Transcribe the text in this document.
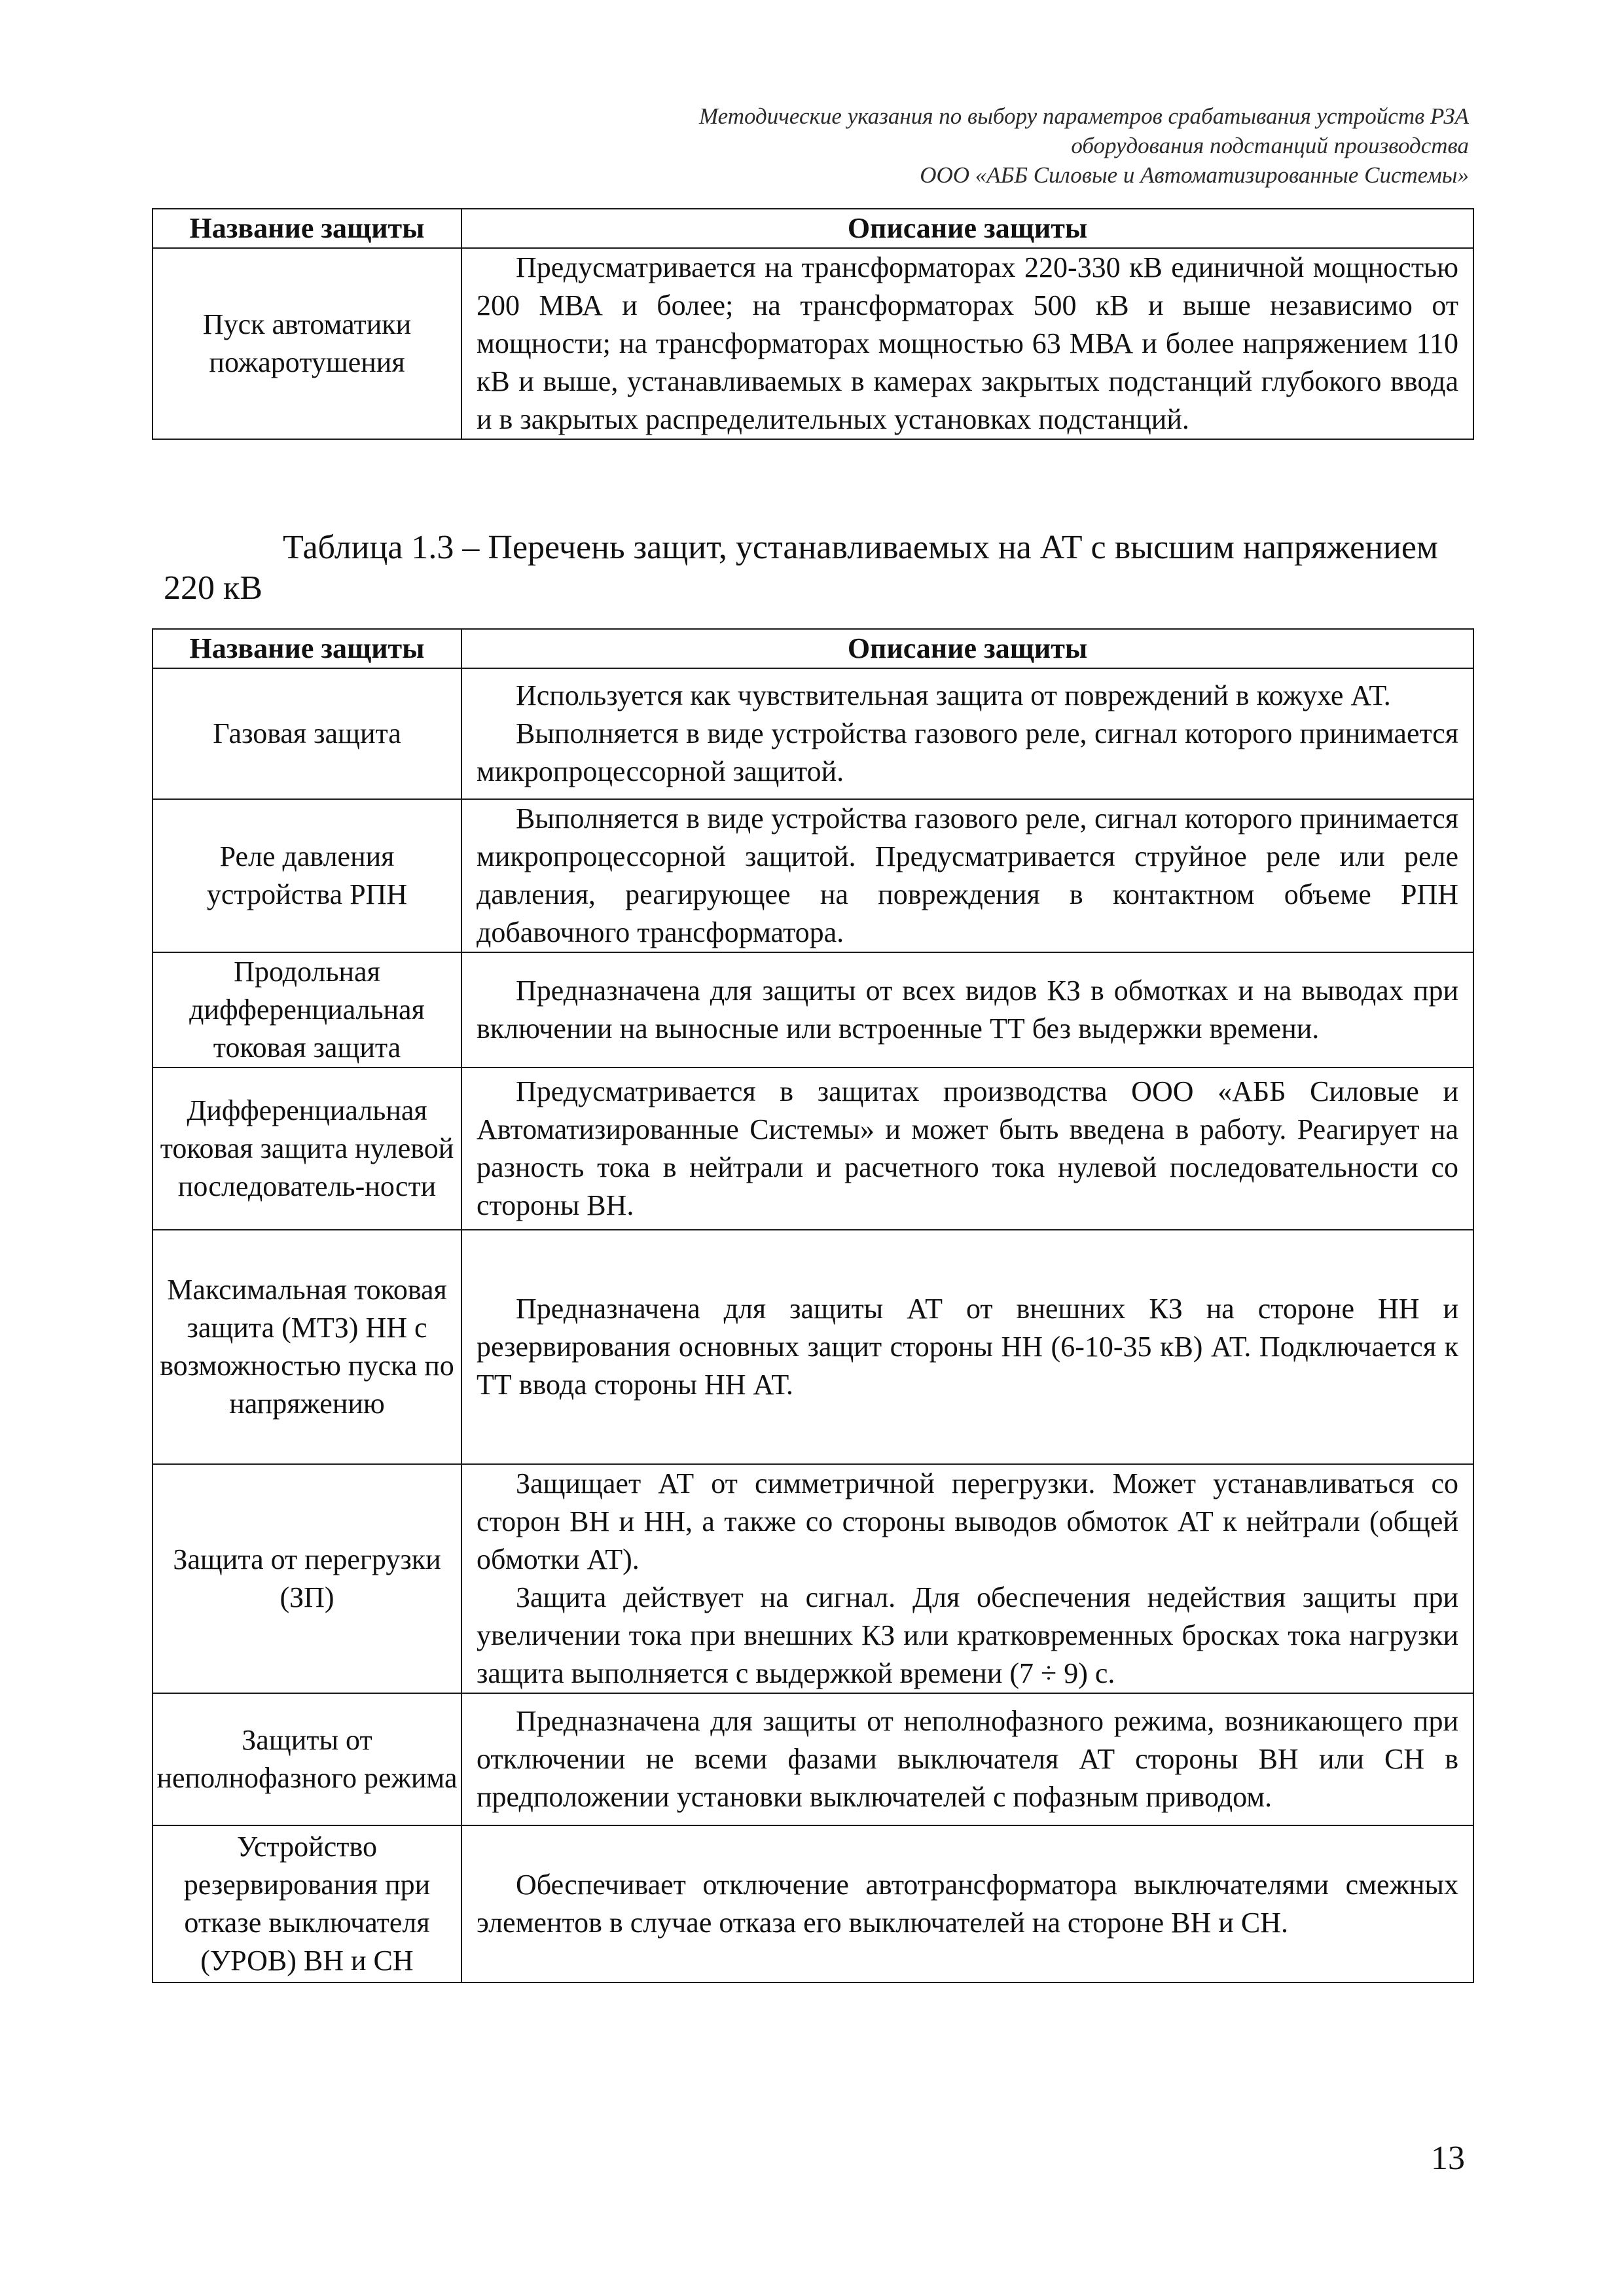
Методические указания по выбору параметров срабатывания устройств РЗА
оборудования подстанций производства
ООО «АББ Силовые и Автоматизированные Системы»
Название защиты	Описание защиты
Пуск автоматики пожаротушения	Предусматривается на трансформаторах 220-330 кВ единичной мощностью 200 МВА и более; на трансформаторах 500 кВ и выше независимо от мощности; на трансформаторах мощностью 63 МВА и более напряжением 110 кВ и выше, устанавливаемых в камерах закрытых подстанций глубокого ввода и в закрытых распределительных установках подстанций.

Таблица 1.3 – Перечень защит, устанавливаемых на АТ с высшим напряжением 220 кВ
Название защиты	Описание защиты
Газовая защита	Используется как чувствительная защита от повреждений в кожухе АТ.

Выполняется в виде устройства газового реле, сигнал которого принимается микропроцессорной защитой.

Реле давления устройства РПН	Выполняется в виде устройства газового реле, сигнал которого принимается микропроцессорной защитой. Предусматривается струйное реле или реле давления, реагирующее на повреждения в контактном объеме РПН добавочного трансформатора.

Продольная дифференциальная токовая защита	Предназначена для защиты от всех видов КЗ в обмотках и на выводах при включении на выносные или встроенные ТТ без выдержки времени.

Дифференциальная токовая защита нулевой последователь-ности	Предусматривается в защитах производства ООО «АББ Силовые и Автоматизированные Системы» и может быть введена в работу. Реагирует на разность тока в нейтрали и расчетного тока нулевой последовательности со стороны ВН.

Максимальная токовая защита (МТЗ) НН с возможностью пуска по напряжению	Предназначена для защиты АТ от внешних КЗ на стороне НН и резервирования основных защит стороны НН (6-10-35 кВ) АТ. Подключается к ТТ ввода стороны НН АТ.

Защита от перегрузки (ЗП)	Защищает АТ от симметричной перегрузки. Может устанавливаться со сторон ВН и НН, а также со стороны выводов обмоток АТ к нейтрали (общей обмотки АТ).

Защита действует на сигнал. Для обеспечения недействия защиты при увеличении тока при внешних КЗ или кратковременных бросках тока нагрузки защита выполняется с выдержкой времени (7 ÷ 9) с.

Защиты от неполнофазного режима	Предназначена для защиты от неполнофазного режима, возникающего при отключении не всеми фазами выключателя АТ стороны ВН или СН в предположении установки выключателей с пофазным приводом.

Устройство резервирования при отказе выключателя (УРОВ) ВН и СН	Обеспечивает отключение автотрансформатора выключателями смежных элементов в случае отказа его выключателей на стороне ВН и СН.

13
